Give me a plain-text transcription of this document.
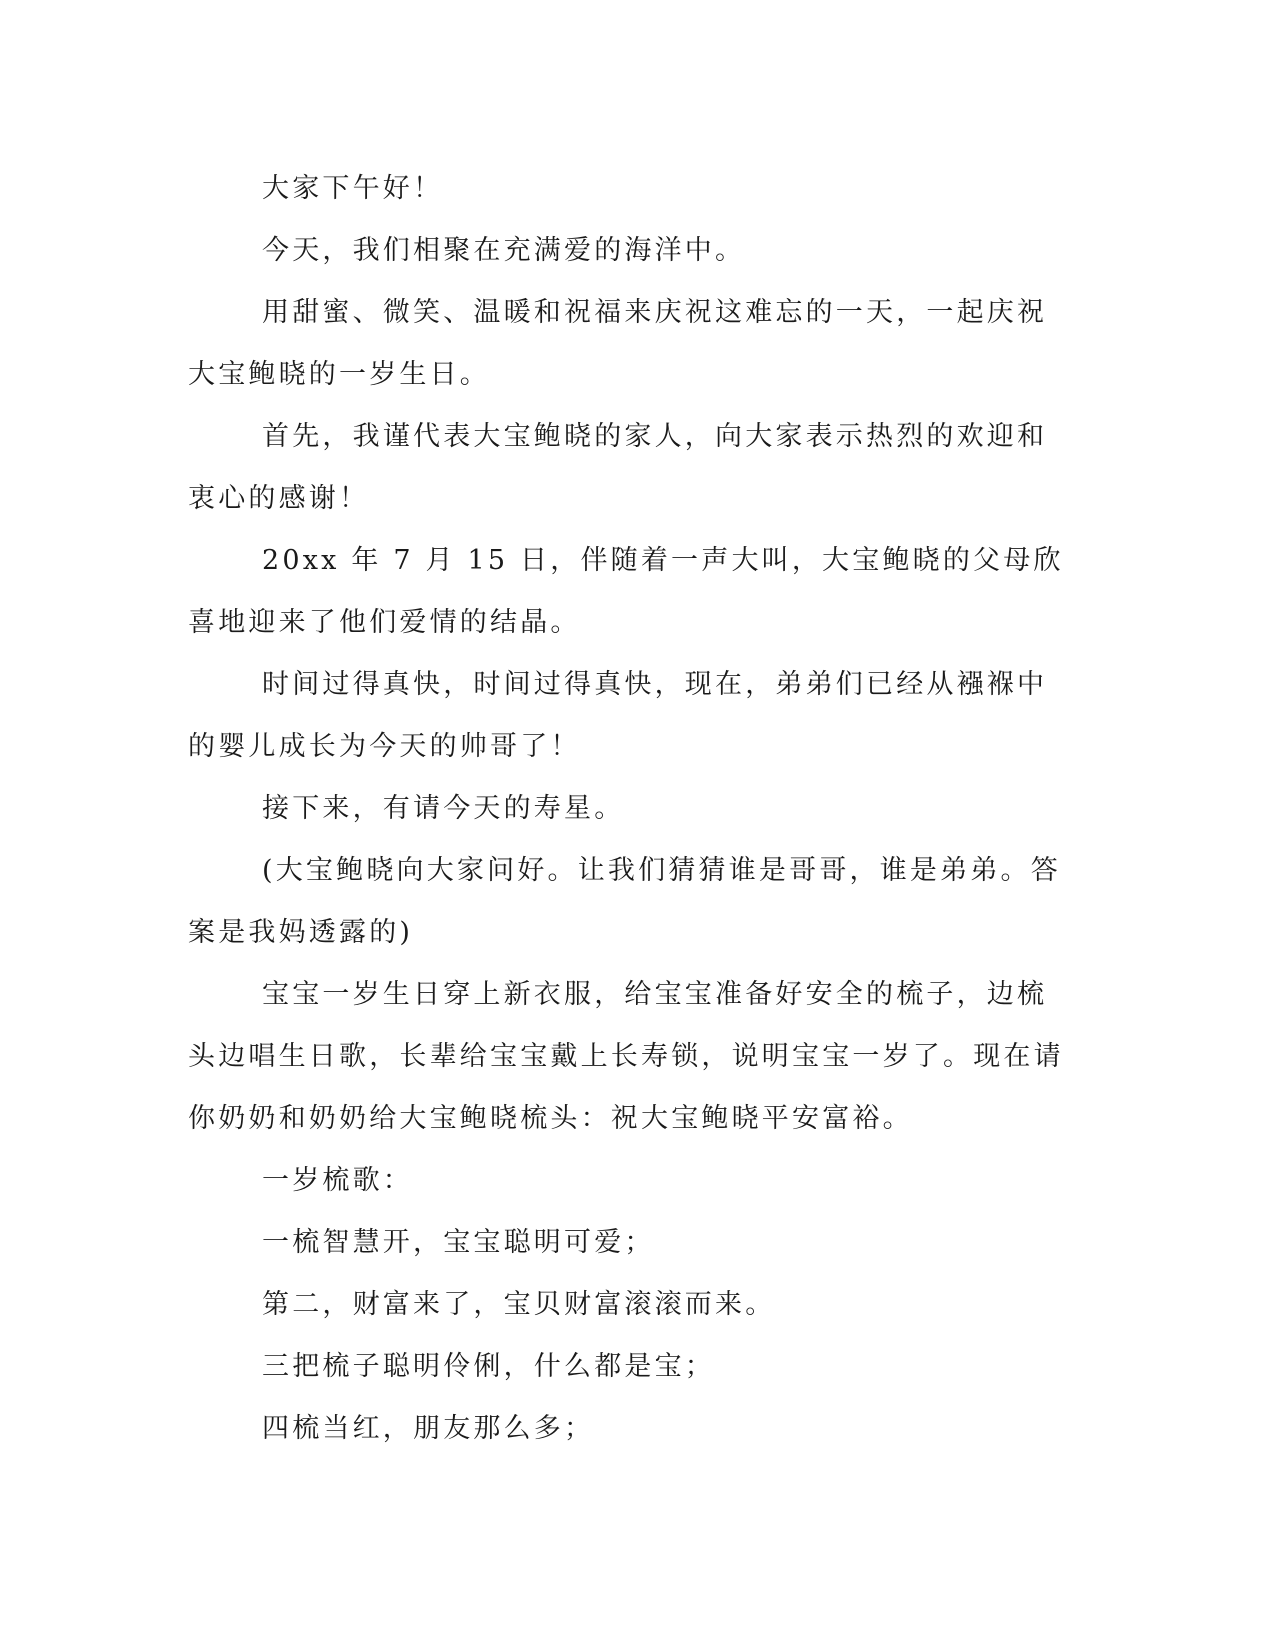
大家下午好！

今天，我们相聚在充满爱的海洋中。

用甜蜜、微笑、温暖和祝福来庆祝这难忘的一天，一起庆祝大宝鲍晓的一岁生日。

首先，我谨代表大宝鲍晓的家人，向大家表示热烈的欢迎和衷心的感谢！

20xx 年 7 月 15 日，伴随着一声大叫，大宝鲍晓的父母欣喜地迎来了他们爱情的结晶。

时间过得真快，时间过得真快，现在，弟弟们已经从襁褓中的婴儿成长为今天的帅哥了！

接下来，有请今天的寿星。

(大宝鲍晓向大家问好。让我们猜猜谁是哥哥，谁是弟弟。答案是我妈透露的)

宝宝一岁生日穿上新衣服，给宝宝准备好安全的梳子，边梳头边唱生日歌，长辈给宝宝戴上长寿锁，说明宝宝一岁了。现在请你奶奶和奶奶给大宝鲍晓梳头：祝大宝鲍晓平安富裕。

一岁梳歌：

一梳智慧开，宝宝聪明可爱；

第二，财富来了，宝贝财富滚滚而来。

三把梳子聪明伶俐，什么都是宝；

四梳当红，朋友那么多；
